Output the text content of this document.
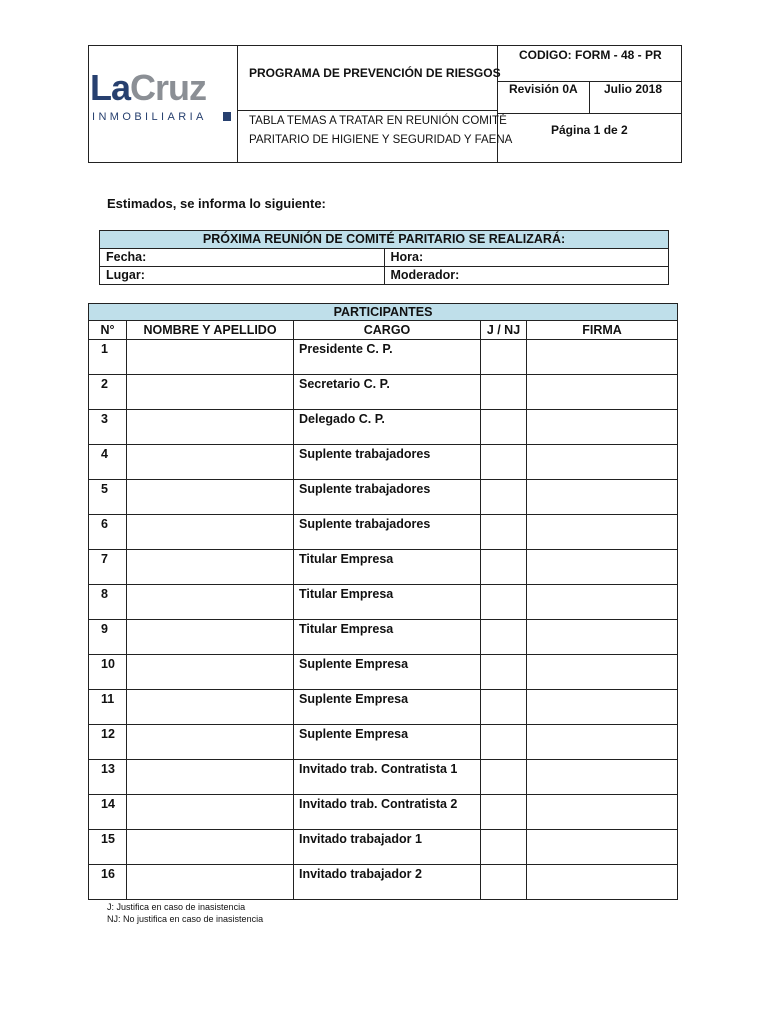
LaCruz
INMOBILIARIA
PROGRAMA DE PREVENCIÓN DE RIESGOS
TABLA TEMAS A TRATAR EN REUNIÓN COMITÉ
PARITARIO DE HIGIENE Y SEGURIDAD Y FAENA
CODIGO: FORM - 48 - PR
Revisión 0A Julio 2018
Página 1 de 2
Estimados, se informa lo siguiente:
PRÓXIMA REUNIÓN DE COMITÉ PARITARIO SE REALIZARÁ:	
Fecha:	Hora:
Lugar:	Moderador:
PARTICIPANTES				
N°	NOMBRE Y APELLIDO	CARGO	J / NJ	FIRMA

1		Presidente C. P.		

2		Secretario C. P.		

3		Delegado C. P.		

4		Suplente trabajadores		

5		Suplente trabajadores		

6		Suplente trabajadores		

7		Titular Empresa		

8		Titular Empresa		

9		Titular Empresa		

10		Suplente Empresa		

11		Suplente Empresa		

12		Suplente Empresa		

13		Invitado trab. Contratista 1		

14		Invitado trab. Contratista 2		

15		Invitado trabajador 1		

16		Invitado trabajador 2		

J: Justifica en caso de inasistencia
NJ: No justifica en caso de inasistencia
